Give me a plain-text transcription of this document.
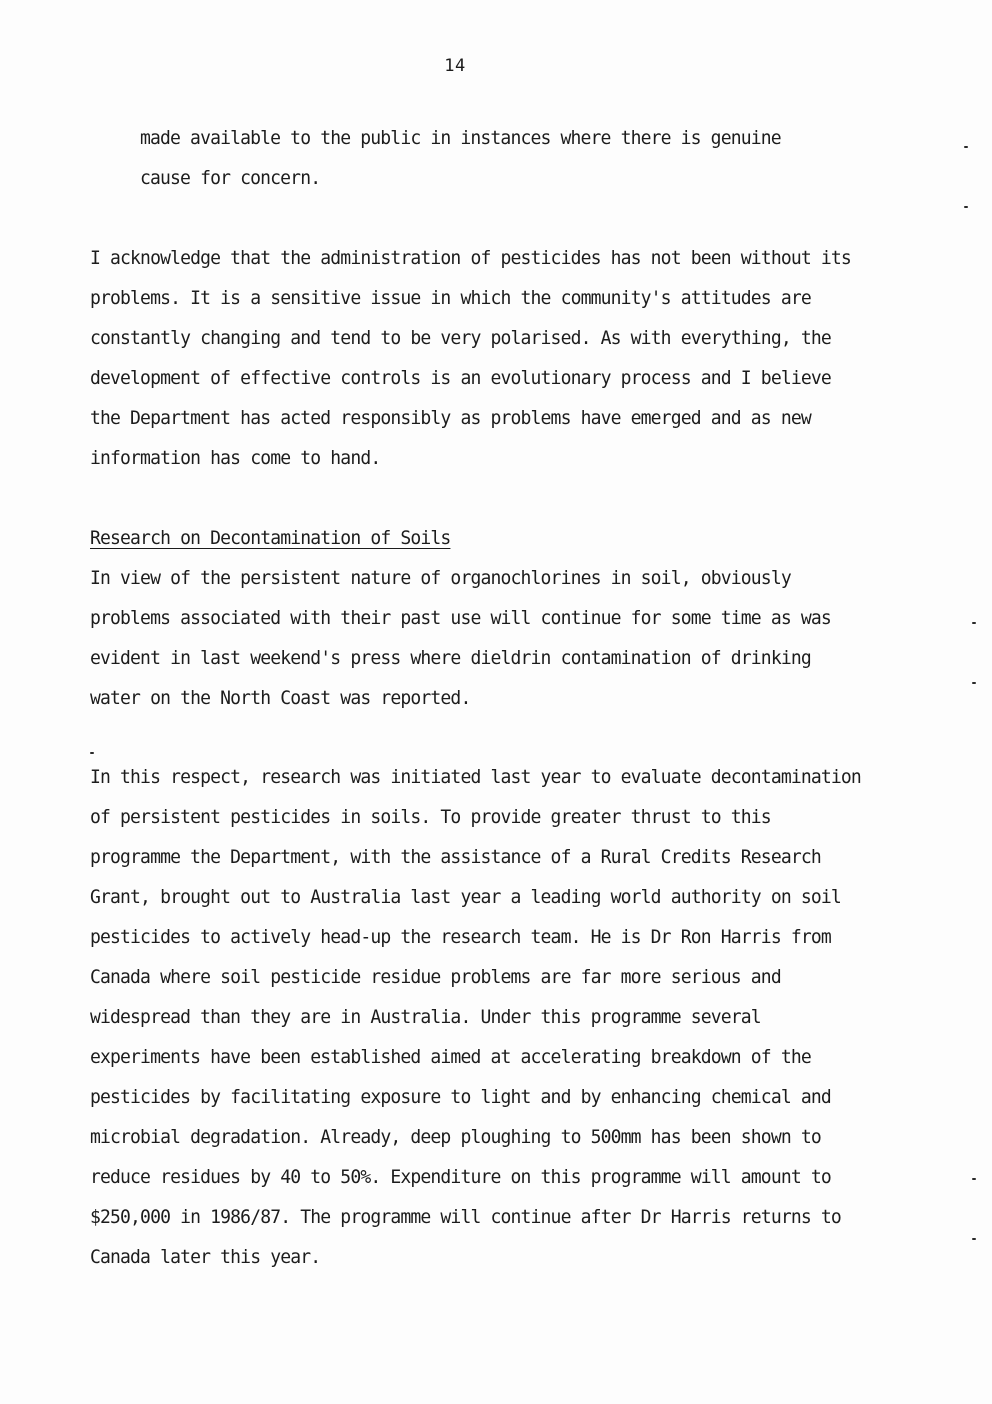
14
made available to the public in instances where there is genuine
cause for concern.
I acknowledge that the administration of pesticides has not been without its
problems. It is a sensitive issue in which the community's attitudes are
constantly changing and tend to be very polarised. As with everything, the
development of effective controls is an evolutionary process and I believe
the Department has acted responsibly as problems have emerged and as new
information has come to hand.
Research on Decontamination of Soils
In view of the persistent nature of organochlorines in soil, obviously
problems associated with their past use will continue for some time as was
evident in last weekend's press where dieldrin contamination of drinking
water on the North Coast was reported.
In this respect, research was initiated last year to evaluate decontamination
of persistent pesticides in soils. To provide greater thrust to this
programme the Department, with the assistance of a Rural Credits Research
Grant, brought out to Australia last year a leading world authority on soil
pesticides to actively head-up the research team. He is Dr Ron Harris from
Canada where soil pesticide residue problems are far more serious and
widespread than they are in Australia. Under this programme several
experiments have been established aimed at accelerating breakdown of the
pesticides by facilitating exposure to light and by enhancing chemical and
microbial degradation. Already, deep ploughing to 500mm has been shown to
reduce residues by 40 to 50%. Expenditure on this programme will amount to
$250,000 in 1986/87. The programme will continue after Dr Harris returns to
Canada later this year.
